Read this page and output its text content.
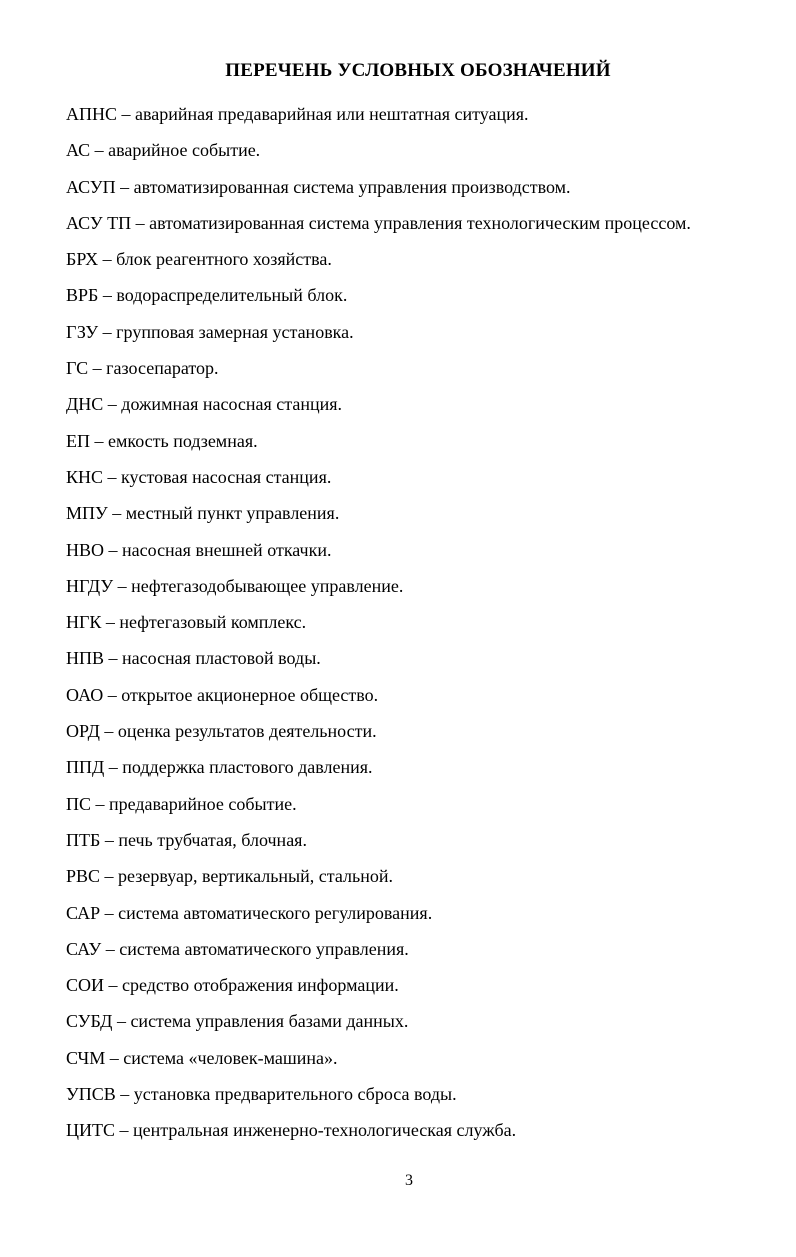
ПЕРЕЧЕНЬ УСЛОВНЫХ ОБОЗНАЧЕНИЙ
АПНС – аварийная предаварийная или нештатная ситуация.
АС – аварийное событие.
АСУП – автоматизированная система управления производством.
АСУ ТП – автоматизированная система управления технологическим процессом.
БРХ – блок реагентного хозяйства.
ВРБ – водораспределительный блок.
ГЗУ – групповая замерная установка.
ГС – газосепаратор.
ДНС – дожимная насосная станция.
ЕП – емкость подземная.
КНС – кустовая насосная станция.
МПУ – местный пункт управления.
НВО – насосная внешней откачки.
НГДУ – нефтегазодобывающее управление.
НГК – нефтегазовый комплекс.
НПВ – насосная пластовой воды.
ОАО – открытое акционерное общество.
ОРД – оценка результатов деятельности.
ППД – поддержка пластового давления.
ПС – предаварийное событие.
ПТБ – печь трубчатая, блочная.
РВС – резервуар, вертикальный, стальной.
САР – система автоматического регулирования.
САУ – система автоматического управления.
СОИ – средство отображения информации.
СУБД – система управления базами данных.
СЧМ – система «человек-машина».
УПСВ – установка предварительного сброса воды.
ЦИТС – центральная инженерно-технологическая служба.
3
